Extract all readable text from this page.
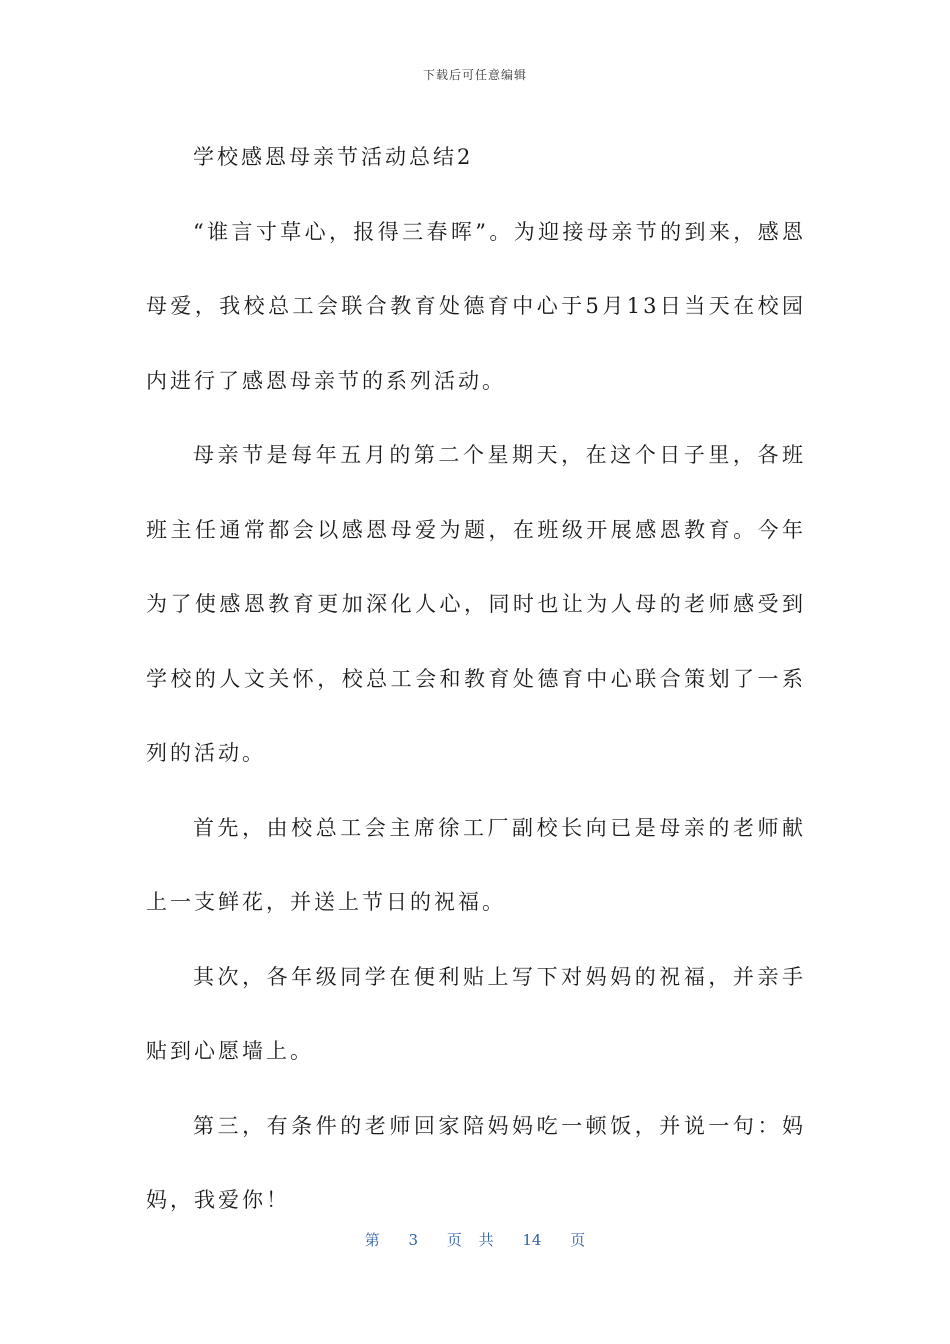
下载后可任意编辑

学校感恩母亲节活动总结2

“谁言寸草心，报得三春晖”。为迎接母亲节的到来，感恩母爱，我校总工会联合教育处德育中心于5月13日当天在校园内进行了感恩母亲节的系列活动。

母亲节是每年五月的第二个星期天，在这个日子里，各班班主任通常都会以感恩母爱为题，在班级开展感恩教育。今年为了使感恩教育更加深化人心，同时也让为人母的老师感受到学校的人文关怀，校总工会和教育处德育中心联合策划了一系列的活动。

首先，由校总工会主席徐工厂副校长向已是母亲的老师献上一支鲜花，并送上节日的祝福。

其次，各年级同学在便利贴上写下对妈妈的祝福，并亲手贴到心愿墙上。

第三，有条件的老师回家陪妈妈吃一顿饭，并说一句：妈妈，我爱你！

第 3 页 共 14 页
